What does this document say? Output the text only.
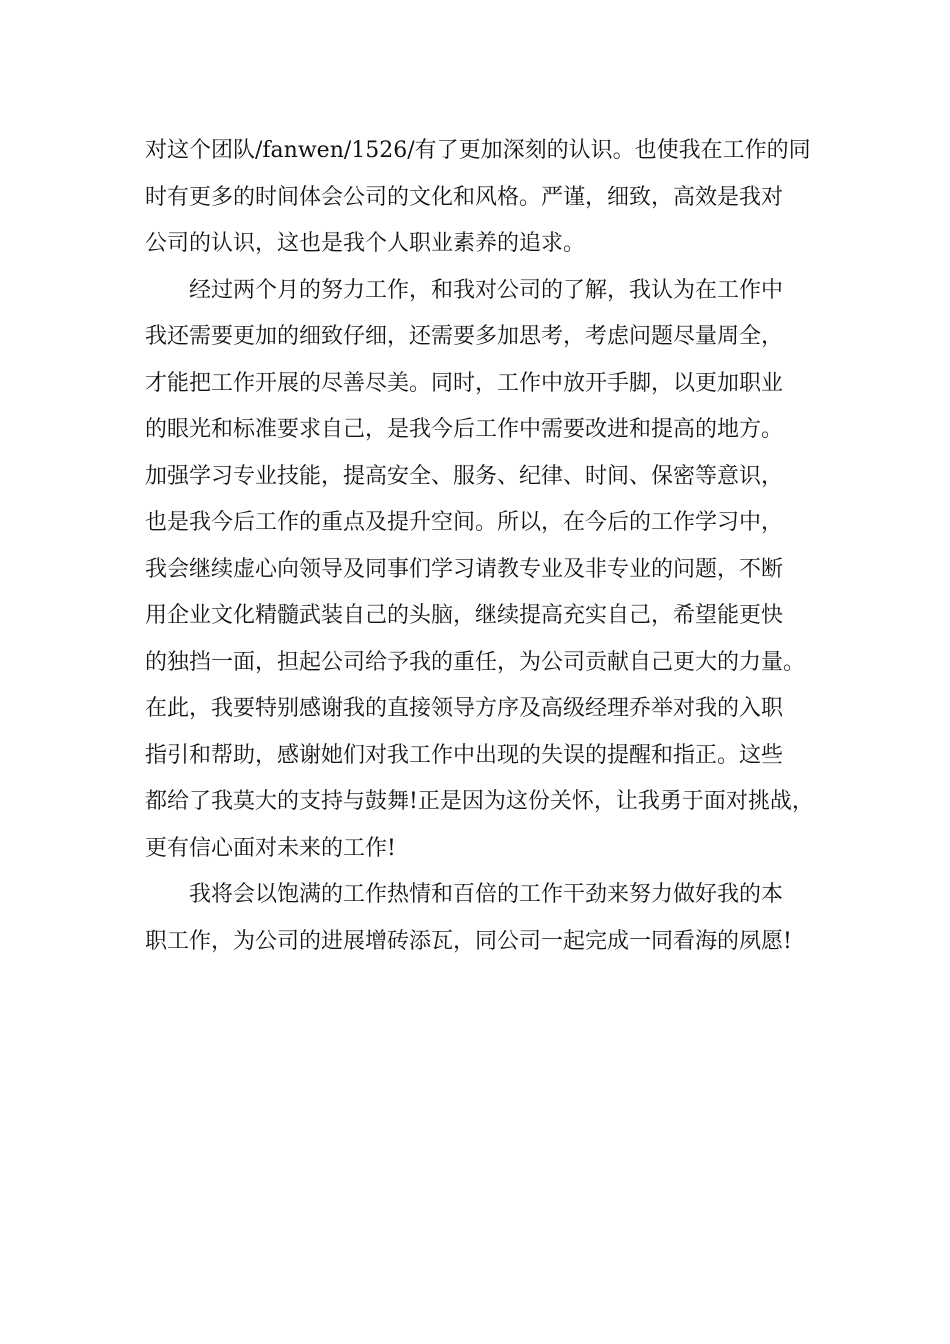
对这个团队/fanwen/1526/有了更加深刻的认识。也使我在工作的同
时有更多的时间体会公司的文化和风格。严谨，细致，高效是我对
公司的认识，这也是我个人职业素养的追求。
经过两个月的努力工作，和我对公司的了解，我认为在工作中
我还需要更加的细致仔细，还需要多加思考，考虑问题尽量周全，
才能把工作开展的尽善尽美。同时，工作中放开手脚，以更加职业
的眼光和标准要求自己，是我今后工作中需要改进和提高的地方。
加强学习专业技能，提高安全、服务、纪律、时间、保密等意识，
也是我今后工作的重点及提升空间。所以，在今后的工作学习中，
我会继续虚心向领导及同事们学习请教专业及非专业的问题，不断
用企业文化精髓武装自己的头脑，继续提高充实自己，希望能更快
的独挡一面，担起公司给予我的重任，为公司贡献自己更大的力量。
在此，我要特别感谢我的直接领导方序及高级经理乔举对我的入职
指引和帮助，感谢她们对我工作中出现的失误的提醒和指正。这些
都给了我莫大的支持与鼓舞!正是因为这份关怀，让我勇于面对挑战，
更有信心面对未来的工作!
我将会以饱满的工作热情和百倍的工作干劲来努力做好我的本
职工作，为公司的进展增砖添瓦，同公司一起完成一同看海的夙愿!
